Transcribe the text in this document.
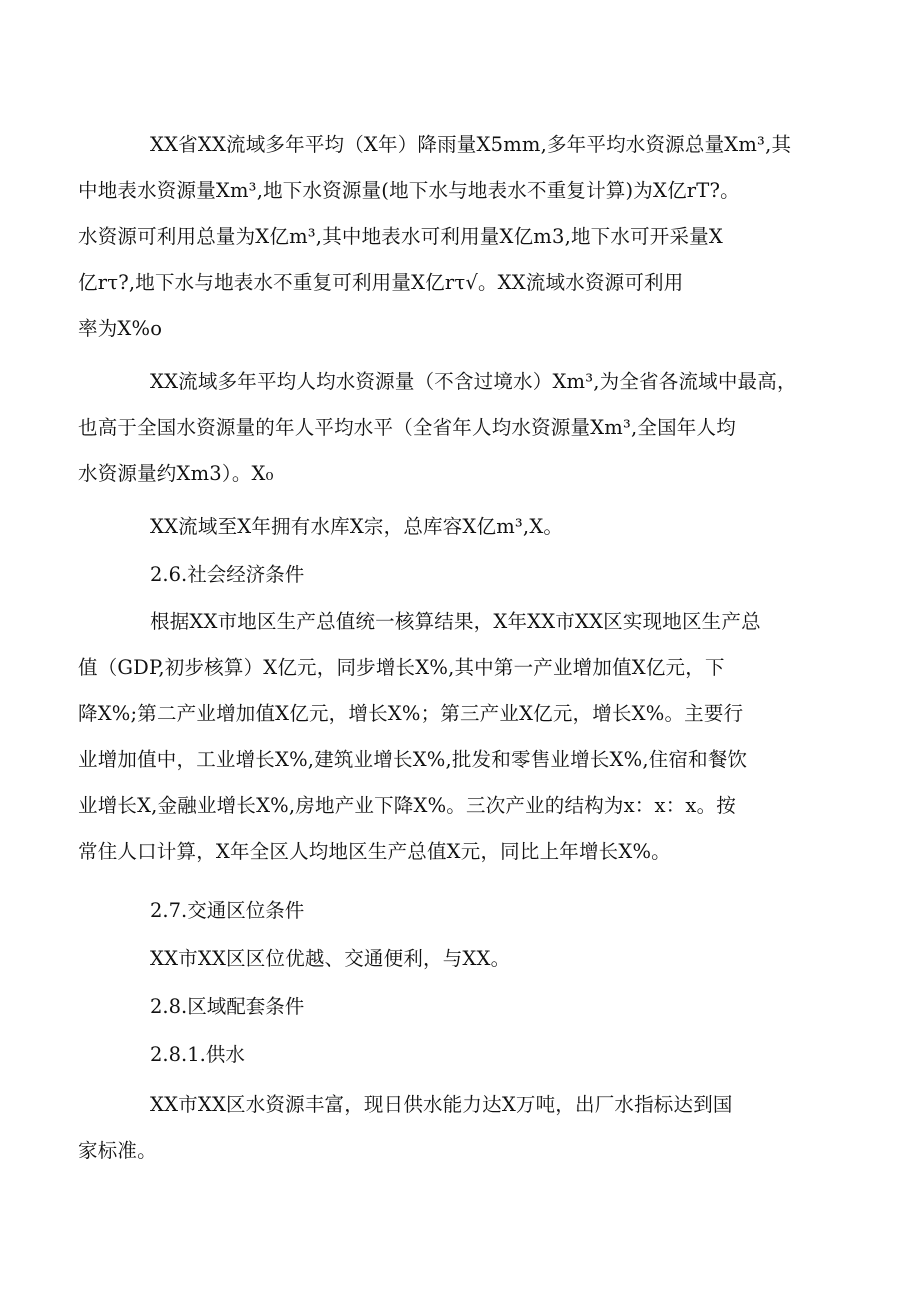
XX省XX流域多年平均（X年）降雨量X5mm,多年平均水资源总量Xm³,其
中地表水资源量Xm³,地下水资源量(地下水与地表水不重复计算)为X亿rT?。
水资源可利用总量为X亿m³,其中地表水可利用量X亿m3,地下水可开采量X
亿rτ?,地下水与地表水不重复可利用量X亿rτ√。XX流域水资源可利用
率为X%o
XX流域多年平均人均水资源量（不含过境水）Xm³,为全省各流域中最高，
也高于全国水资源量的年人平均水平（全省年人均水资源量Xm³,全国年人均
水资源量约Xm3）。X₀
XX流域至X年拥有水库X宗，总库容X亿m³,X。
2.6.社会经济条件
根据XX市地区生产总值统一核算结果，X年XX市XX区实现地区生产总
值（GDP,初步核算）X亿元，同步增长X%,其中第一产业增加值X亿元，下
降X%;第二产业增加值X亿元，增长X%；第三产业X亿元，增长X%。主要行
业增加值中，工业增长X%,建筑业增长X%,批发和零售业增长X%,住宿和餐饮
业增长X,金融业增长X%,房地产业下降X%。三次产业的结构为x：x：x。按
常住人口计算，X年全区人均地区生产总值X元，同比上年增长X%。
2.7.交通区位条件
XX市XX区区位优越、交通便利，与XX。
2.8.区域配套条件
2.8.1.供水
XX市XX区水资源丰富，现日供水能力达X万吨，出厂水指标达到国
家标准。
